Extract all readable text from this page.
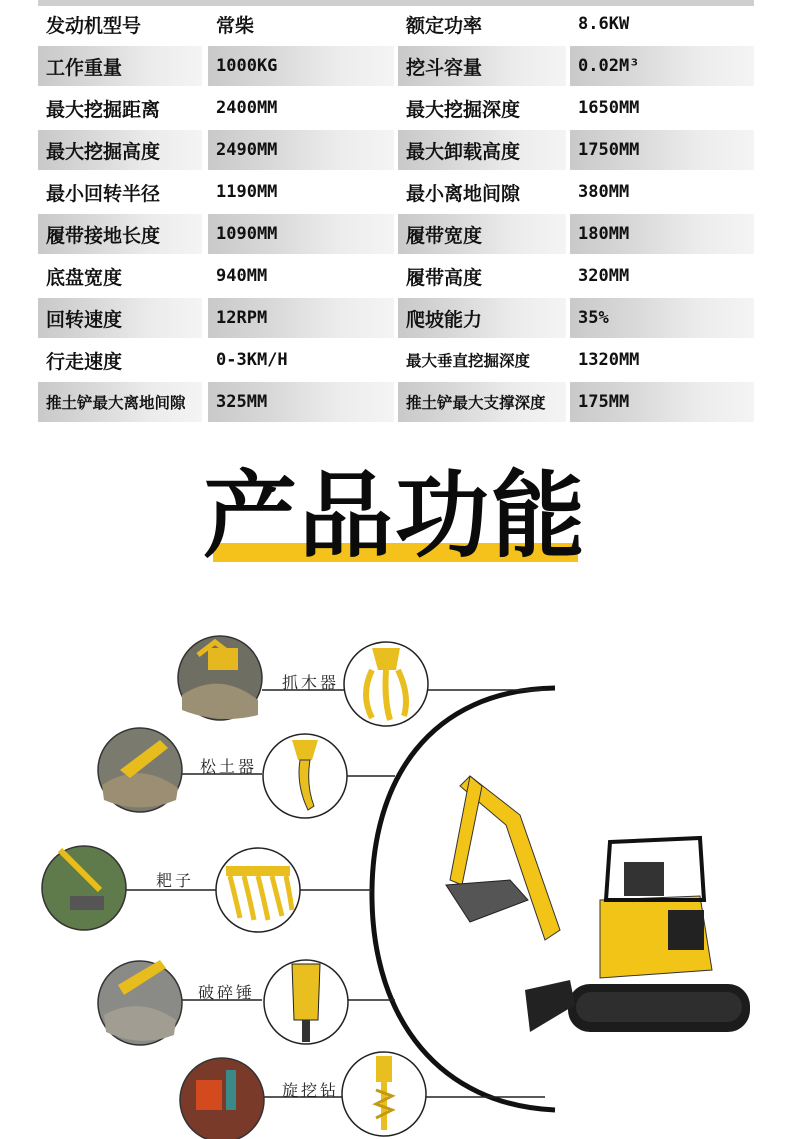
发动机型号	常柴	额定功率	8.6KW
工作重量	1000KG	挖斗容量	0.02M³
最大挖掘距离	2400MM	最大挖掘深度	1650MM
最大挖掘高度	2490MM	最大卸载高度	1750MM
最小回转半径	1190MM	最小离地间隙	380MM
履带接地长度	1090MM	履带宽度	180MM
底盘宽度	940MM	履带高度	320MM
回转速度	12RPM	爬坡能力	35%
行走速度	0-3KM/H	最大垂直挖掘深度	1320MM
推土铲最大离地间隙	325MM	推土铲最大支撑深度	175MM
产品功能
抓木器
松土器
耙子
破碎锤
旋挖钻
